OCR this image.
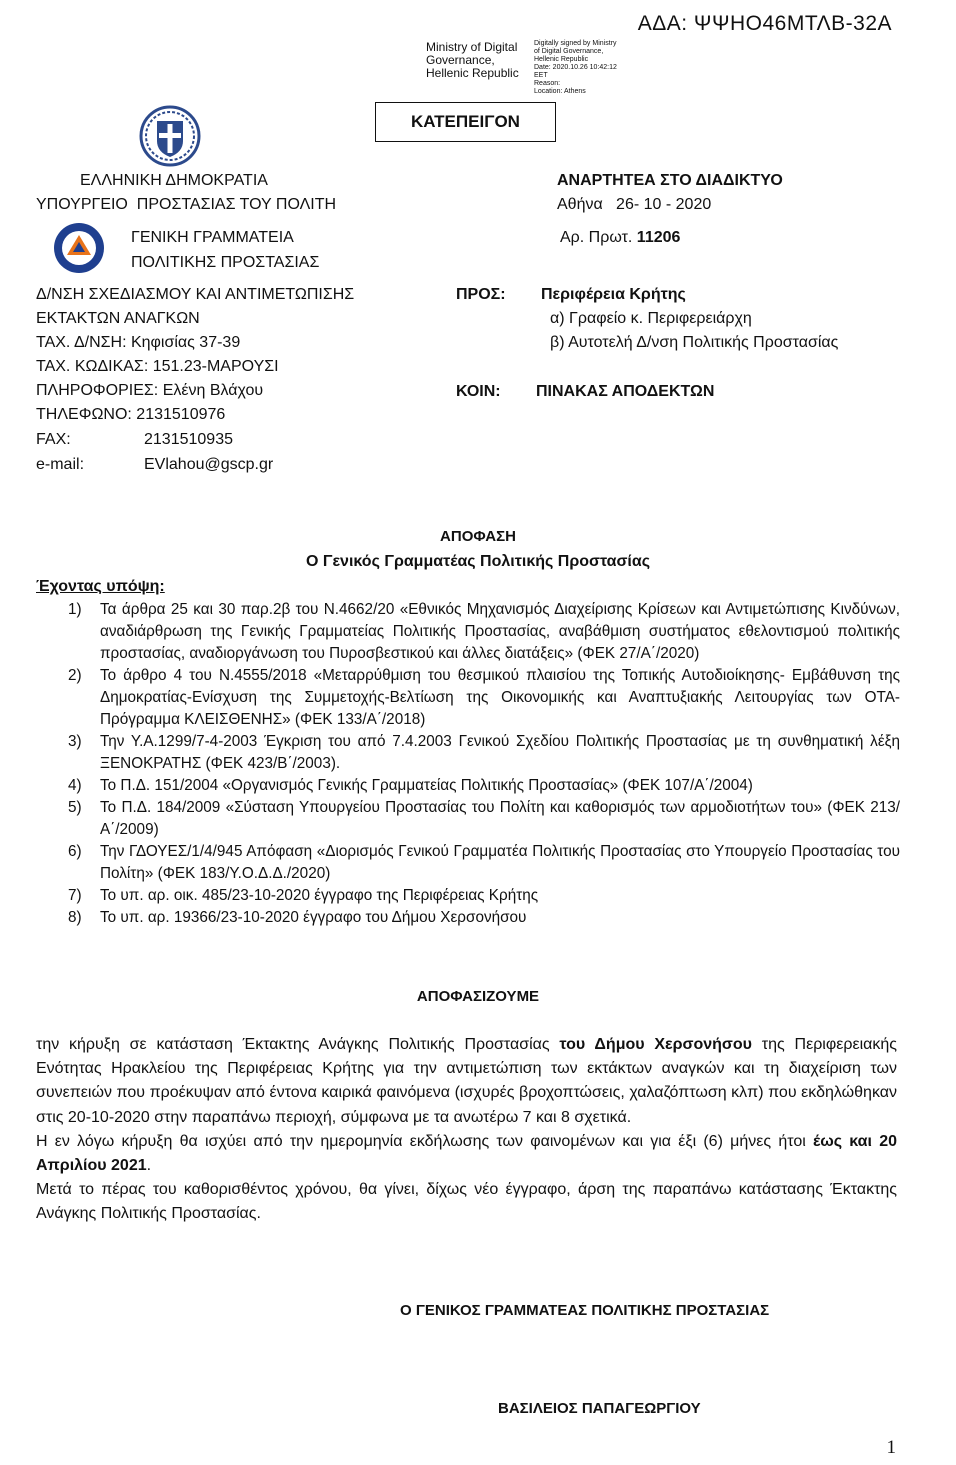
ΑΔΑ: ΨΨΗΟ46ΜΤΛΒ-32Α
Ministry of Digital
Governance,
Hellenic Republic
Digitally signed by Ministry
of Digital Governance,
Hellenic Republic
Date: 2020.10.26 10:42:12
EET
Reason:
Location: Athens
ΚΑΤΕΠΕΙΓΟΝ
ΕΛΛΗΝΙΚΗ ΔΗΜΟΚΡΑΤΙΑ
ΥΠΟΥΡΓΕΙΟ  ΠΡΟΣΤΑΣΙΑΣ ΤΟΥ ΠΟΛΙΤΗ
ΓΕΝΙΚΗ ΓΡΑΜΜΑΤΕΙΑ
ΠΟΛΙΤΙΚΗΣ ΠΡΟΣΤΑΣΙΑΣ
ΑΝΑΡΤΗΤΕΑ ΣΤΟ ΔΙΑΔΙΚΤΥΟ
Αθήνα   26- 10 - 2020
Αρ. Πρωτ. 11206
Δ/ΝΣΗ ΣΧΕΔΙΑΣΜΟΥ ΚΑΙ ΑΝΤΙΜΕΤΩΠΙΣΗΣ
ΕΚΤΑΚΤΩΝ ΑΝΑΓΚΩΝ
ΤΑΧ. Δ/ΝΣΗ: Κηφισίας 37-39
ΤΑΧ. ΚΩΔΙΚΑΣ: 151.23-ΜΑΡΟΥΣΙ
ΠΛΗΡΟΦΟΡΙΕΣ: Ελένη Βλάχου
ΤΗΛΕΦΩΝΟ: 2131510976
FAX:	2131510935
e-mail:	EVlahou@gscp.gr
ΠΡΟΣ: Περιφέρεια Κρήτης
α) Γραφείο κ. Περιφερειάρχη
β) Αυτοτελή Δ/νση Πολιτικής Προστασίας
ΚΟΙΝ: ΠΙΝΑΚΑΣ ΑΠΟΔΕΚΤΩΝ
ΑΠΟΦΑΣΗ
Ο Γενικός Γραμματέας Πολιτικής Προστασίας
Έχοντας υπόψη:
1) Τα άρθρα 25 και 30 παρ.2β του Ν.4662/20 «Εθνικός Μηχανισμός Διαχείρισης Κρίσεων και Αντιμετώπισης Κινδύνων, αναδιάρθρωση της Γενικής Γραμματείας Πολιτικής Προστασίας, αναβάθμιση συστήματος εθελοντισμού πολιτικής προστασίας, αναδιοργάνωση του Πυροσβεστικού και άλλες διατάξεις» (ΦΕΚ 27/Α΄/2020)
2) Το άρθρο 4 του Ν.4555/2018 «Μεταρρύθμιση του θεσμικού πλαισίου της Τοπικής Αυτοδιοίκησης- Εμβάθυνση της Δημοκρατίας-Ενίσχυση της Συμμετοχής-Βελτίωση της Οικονομικής και Αναπτυξιακής Λειτουργίας των ΟΤΑ-Πρόγραμμα ΚΛΕΙΣΘΕΝΗΣ» (ΦΕΚ 133/Α΄/2018)
3) Την Υ.Α.1299/7-4-2003 Έγκριση του από 7.4.2003 Γενικού Σχεδίου Πολιτικής Προστασίας με τη συνθηματική λέξη ΞΕΝΟΚΡΑΤΗΣ (ΦΕΚ 423/Β΄/2003).
4) Το Π.Δ. 151/2004 «Οργανισμός Γενικής Γραμματείας Πολιτικής Προστασίας» (ΦΕΚ 107/Α΄/2004)
5) Το Π.Δ. 184/2009 «Σύσταση Υπουργείου Προστασίας του Πολίτη και καθορισμός των αρμοδιοτήτων του» (ΦΕΚ 213/Α΄/2009)
6) Την ΓΔΟΥΕΣ/1/4/945 Απόφαση «Διορισμός Γενικού Γραμματέα Πολιτικής Προστασίας στο Υπουργείο Προστασίας του Πολίτη» (ΦΕΚ 183/Υ.Ο.Δ.Δ./2020)
7) Το υπ. αρ. οικ. 485/23-10-2020 έγγραφο της Περιφέρειας Κρήτης
8) Το υπ. αρ. 19366/23-10-2020 έγγραφο του Δήμου Χερσονήσου
ΑΠΟΦΑΣΙΖΟΥΜΕ

την κήρυξη σε κατάσταση Έκτακτης Ανάγκης Πολιτικής Προστασίας του Δήμου Χερσονήσου της Περιφερειακής Ενότητας Ηρακλείου της Περιφέρειας Κρήτης για την αντιμετώπιση των εκτάκτων αναγκών και τη διαχείριση των συνεπειών που προέκυψαν από έντονα καιρικά φαινόμενα (ισχυρές βροχοπτώσεις, χαλαζόπτωση κλπ) που εκδηλώθηκαν στις 20-10-2020 στην παραπάνω περιοχή, σύμφωνα με τα ανωτέρω 7 και 8 σχετικά.

Η εν λόγω κήρυξη θα ισχύει από την ημερομηνία εκδήλωσης των φαινομένων και για έξι (6) μήνες ήτοι έως και 20 Απριλίου 2021.

Μετά το πέρας του καθορισθέντος χρόνου, θα γίνει, δίχως νέο έγγραφο, άρση της παραπάνω κατάστασης Έκτακτης Ανάγκης Πολιτικής Προστασίας.

Ο ΓΕΝΙΚΟΣ ΓΡΑΜΜΑΤΕΑΣ ΠΟΛΙΤΙΚΗΣ ΠΡΟΣΤΑΣΙΑΣ
ΒΑΣΙΛΕΙΟΣ ΠΑΠΑΓΕΩΡΓΙΟΥ
1
